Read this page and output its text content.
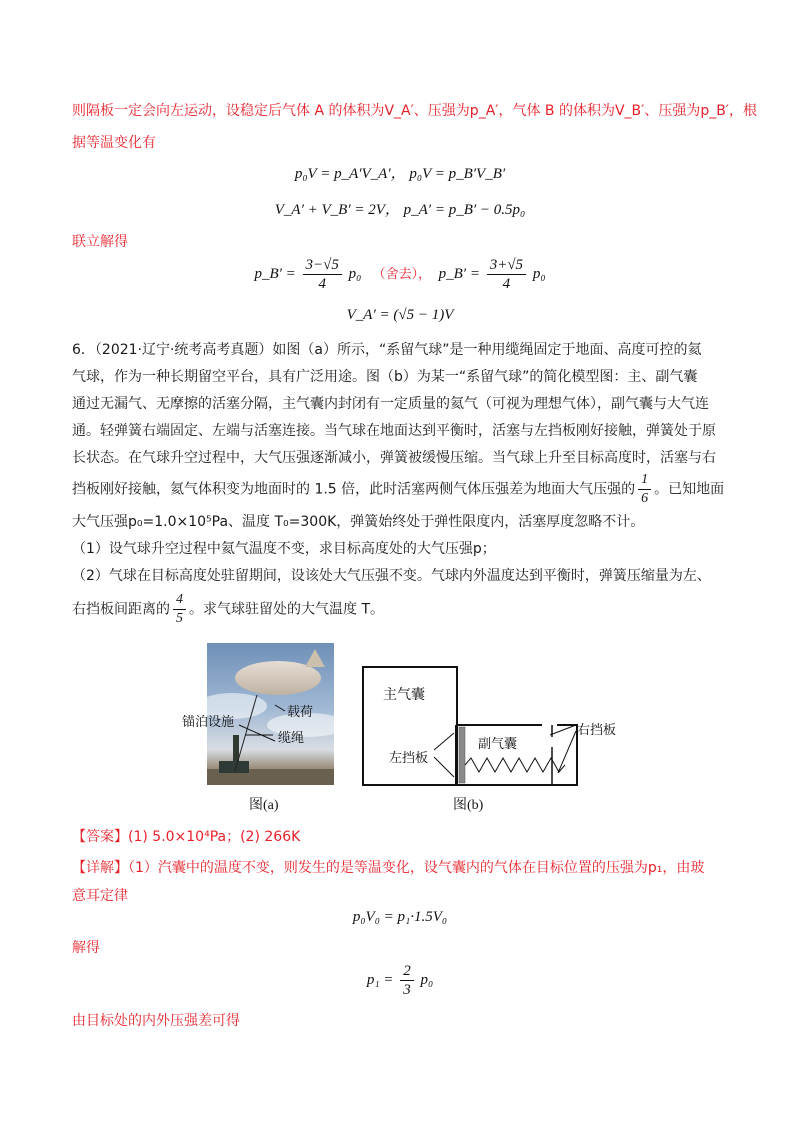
则隔板一定会向左运动，设稳定后气体 A 的体积为V_A′、压强为p_A′，气体 B 的体积为V_B′、压强为p_B′，根
据等温变化有
p₀V = p_A′V_A′， p₀V = p_B′V_B′
V_A′ + V_B′ = 2V， p_A′ = p_B′ − 0.5p₀
联立解得
p_B′ = $\frac{3-√5}{4} p_0$ （舍去）， p_B′ = $\frac{3+√5}{4} p_0$
V_A′ = (√5 − 1)V
6．（2021·辽宁·统考高考真题）如图（a）所示，“系留气球”是一种用缆绳固定于地面、高度可控的氦
气球，作为一种长期留空平台，具有广泛用途。图（b）为某一“系留气球”的简化模型图：主、副气囊
通过无漏气、无摩擦的活塞分隔，主气囊内封闭有一定质量的氦气（可视为理想气体），副气囊与大气连
通。轻弹簧右端固定、左端与活塞连接。当气球在地面达到平衡时，活塞与左挡板刚好接触，弹簧处于原
长状态。在气球升空过程中，大气压强逐渐减小，弹簧被缓慢压缩。当气球上升至目标高度时，活塞与右
挡板刚好接触，氦气体积变为地面时的 1.5 倍，此时活塞两侧气体压强差为地面大气压强的 $\frac{1}{6}$ 。已知地面
大气压强p₀=1.0×10⁵Pa、温度 T₀=300K，弹簧始终处于弹性限度内，活塞厚度忽略不计。
（1）设气球升空过程中氦气温度不变，求目标高度处的大气压强p；
（2）气球在目标高度处驻留期间，设该处大气压强不变。气球内外温度达到平衡时，弹簧压缩量为左、
右挡板间距离的 $\frac{4}{5}$ 。求气球驻留处的大气温度 T。
载荷
锚泊设施
缆绳
图(a)
主气囊
副气囊
左挡板
右挡板
图(b)
【答案】(1) 5.0×10⁴Pa；(2) 266K
【详解】（1）汽囊中的温度不变，则发生的是等温变化，设气囊内的气体在目标位置的压强为p₁，由玻
意耳定律
p₀V₀ = p₁·1.5V₀
解得
$p_1 = \frac{2}{3} p_0$
由目标处的内外压强差可得
